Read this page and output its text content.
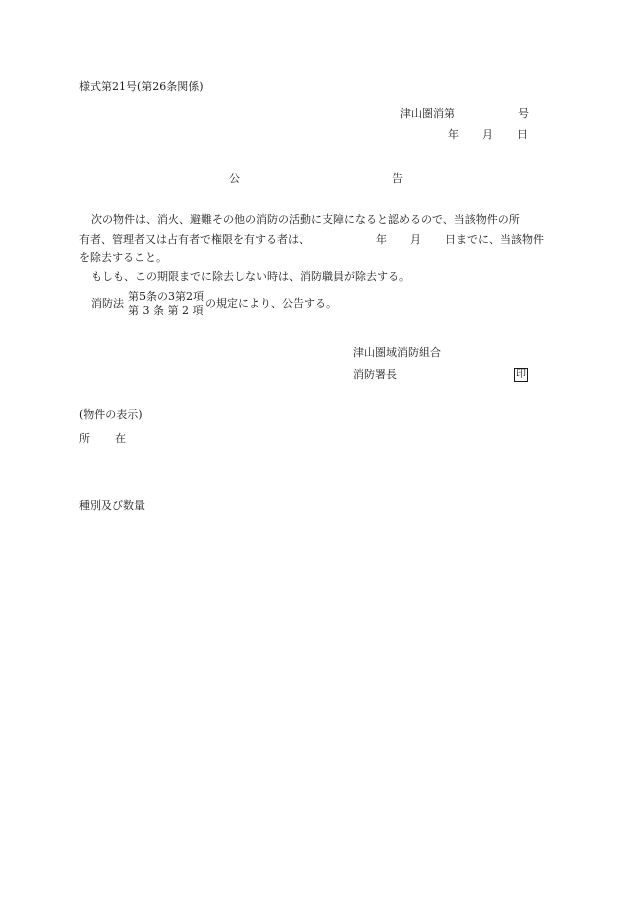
様式第21号(第26条関係)
津山圏消第	号
年 月 日
公	告
次の物件は、消火、避難その他の消防の活動に支障になると認めるので、当該物件の所
有者、管理者又は占有者で権限を有する者は、	年 月 日までに、当該物件
を除去すること。
もしも、この期限までに除去しない時は、消防職員が除去する。
消防法
第5条の3第2項
第 3 条 第 2 項
の規定により、公告する。
津山圏域消防組合
消防署長	印
(物件の表示)
所 在
種別及び数量
